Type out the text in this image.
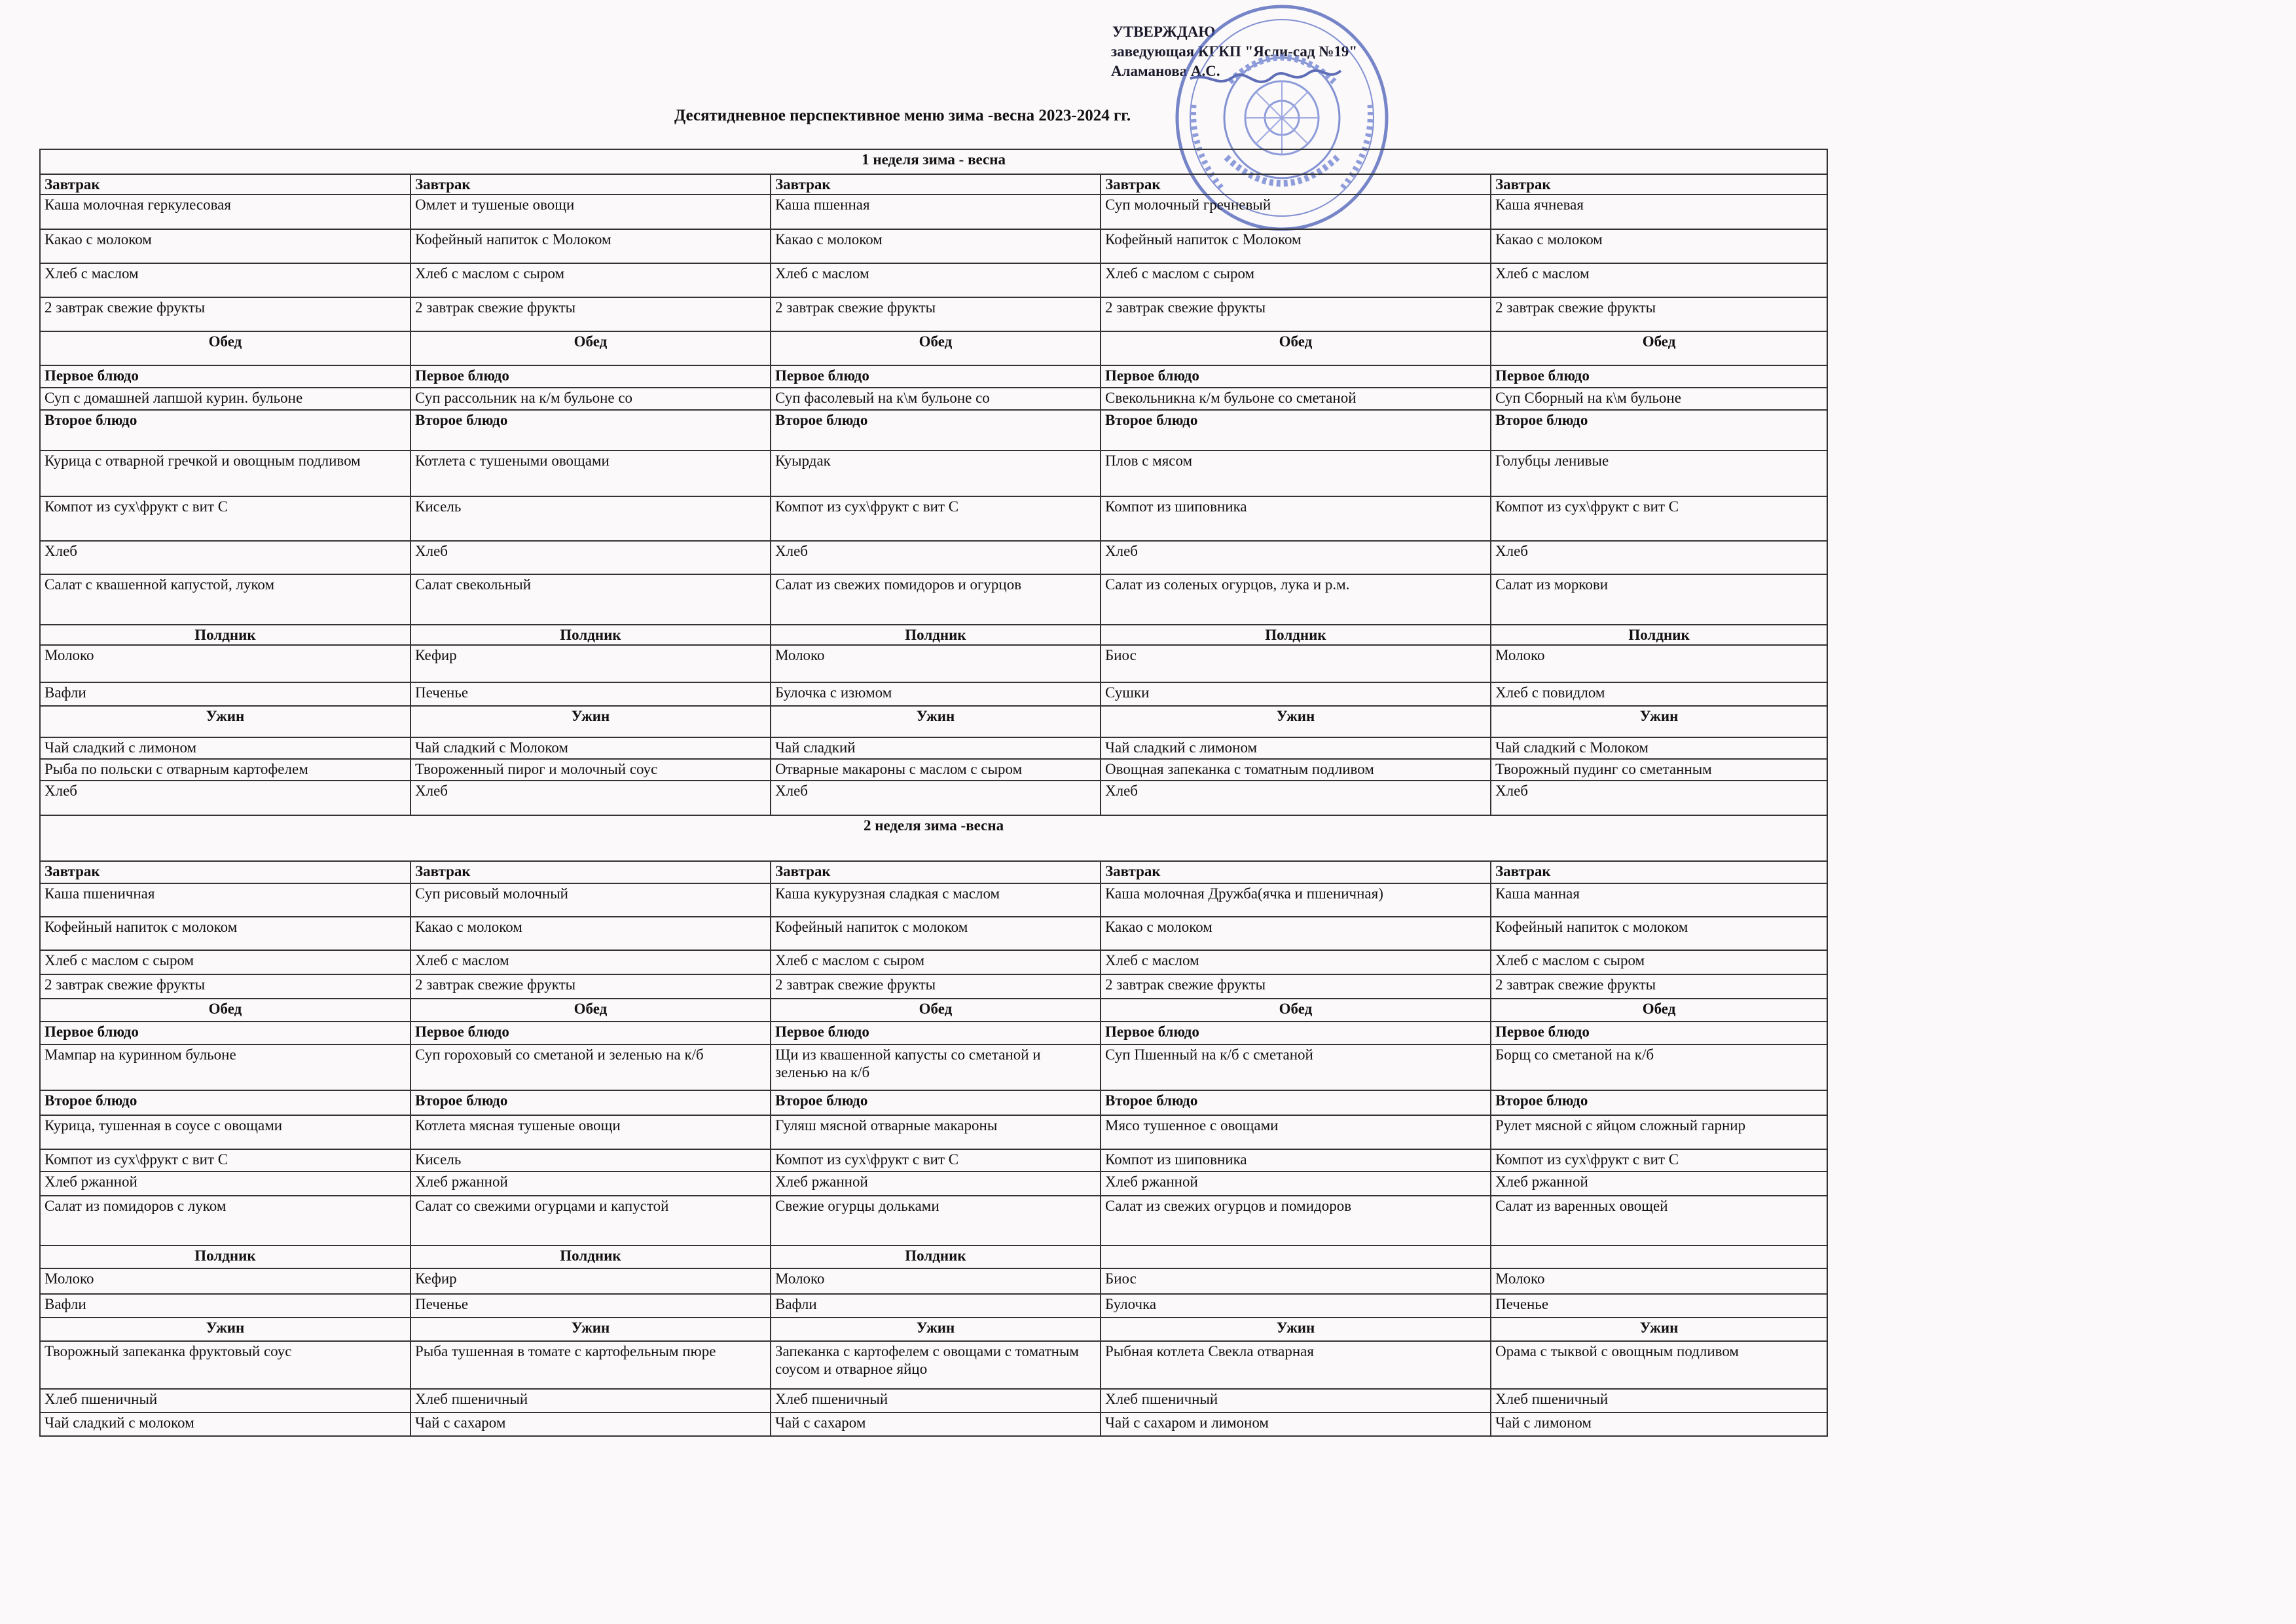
УТВЕРЖДАЮ
заведующая КГКП "Ясли-сад №19"
Аламанова А.С.
Десятидневное перспективное меню зима -весна 2023-2024 гг.
1 неделя зима - весна				
Завтрак	Завтрак	Завтрак	Завтрак	Завтрак
Каша молочная геркулесовая	Омлет и тушеные овощи	Каша пшенная	Суп молочный гречневый	Каша ячневая
Какао с молоком	Кофейный напиток с Молоком	Какао с молоком	Кофейный напиток с Молоком	Какао с молоком
Хлеб с маслом	Хлеб с маслом с сыром	Хлеб с маслом	Хлеб с маслом с сыром	Хлеб с маслом
2 завтрак свежие фрукты	2 завтрак свежие фрукты	2 завтрак свежие фрукты	2 завтрак свежие фрукты	2 завтрак свежие фрукты
Обед	Обед	Обед	Обед	Обед
Первое блюдо	Первое блюдо	Первое блюдо	Первое блюдо	Первое блюдо
Суп с домашней лапшой курин. бульоне	Суп рассольник на к/м бульоне со	Суп фасолевый на к\м бульоне со	Свекольникна к/м бульоне со сметаной	Суп Сборный на к\м бульоне
Второе блюдо	Второе блюдо	Второе блюдо	Второе блюдо	Второе блюдо
Курица с отварной гречкой и овощным подливом	Котлета с тушеными овощами	Куырдак	Плов с мясом	Голубцы ленивые
Компот из сух\фрукт с вит С	Кисель	Компот из сух\фрукт с вит С	Компот из шиповника	Компот из сух\фрукт с вит С
Хлеб	Хлеб	Хлеб	Хлеб	Хлеб
Салат с квашенной капустой, луком	Салат свекольный	Салат из свежих помидоров и огурцов	Салат из соленых огурцов, лука и р.м.	Салат из моркови
Полдник	Полдник	Полдник	Полдник	Полдник
Молоко	Кефир	Молоко	Биос	Молоко
Вафли	Печенье	Булочка с изюмом	Сушки	Хлеб с повидлом
Ужин	Ужин	Ужин	Ужин	Ужин
Чай сладкий с лимоном	Чай сладкий с Молоком	Чай сладкий	Чай сладкий с лимоном	Чай сладкий с Молоком
Рыба по польски с отварным картофелем	Твороженный пирог и молочный соус	Отварные макароны с маслом с сыром	Овощная запеканка с томатным подливом	Творожный пудинг со сметанным
Хлеб	Хлеб	Хлеб	Хлеб	Хлеб
2 неделя зима -весна				
Завтрак	Завтрак	Завтрак	Завтрак	Завтрак
Каша пшеничная	Суп рисовый молочный	Каша кукурузная сладкая с маслом	Каша молочная Дружба(ячка и пшеничная)	Каша манная
Кофейный напиток с молоком	Какао с молоком	Кофейный напиток с молоком	Какао с молоком	Кофейный напиток с молоком
Хлеб с маслом с сыром	Хлеб с маслом	Хлеб с маслом с сыром	Хлеб с маслом	Хлеб с маслом с сыром
2 завтрак свежие фрукты	2 завтрак свежие фрукты	2 завтрак свежие фрукты	2 завтрак свежие фрукты	2 завтрак свежие фрукты
Обед	Обед	Обед	Обед	Обед
Первое блюдо	Первое блюдо	Первое блюдо	Первое блюдо	Первое блюдо
Мампар на куринном бульоне	Суп гороховый со сметаной и зеленью на к/б	Щи из квашенной капусты со сметаной и зеленью на к/б	Суп Пшенный на к/б с сметаной	Борщ со сметаной на к/б
Второе блюдо	Второе блюдо	Второе блюдо	Второе блюдо	Второе блюдо
Курица, тушенная в соусе с овощами	Котлета мясная тушеные овощи	Гуляш мясной отварные макароны	Мясо тушенное с овощами	Рулет мясной с яйцом сложный гарнир
Компот из сух\фрукт с вит С	Кисель	Компот из сух\фрукт с вит С	Компот из шиповника	Компот из сух\фрукт с вит С
Хлеб ржанной	Хлеб ржанной	Хлеб ржанной	Хлеб ржанной	Хлеб ржанной
Салат из помидоров с луком	Салат со свежими огурцами и капустой	Свежие огурцы дольками	Салат из свежих огурцов и помидоров	Салат из варенных овощей
Полдник	Полдник	Полдник		
Молоко	Кефир	Молоко	Биос	Молоко
Вафли	Печенье	Вафли	Булочка	Печенье
Ужин	Ужин	Ужин	Ужин	Ужин
Творожный запеканка фруктовый соус	Рыба тушенная в томате с картофельным пюре	Запеканка с картофелем с овощами с томатным соусом и отварное яйцо	Рыбная котлета Свекла отварная	Орама с тыквой с овощным подливом
Хлеб пшеничный	Хлеб пшеничный	Хлеб пшеничный	Хлеб пшеничный	Хлеб пшеничный
Чай сладкий с молоком	Чай с сахаром	Чай с сахаром	Чай с сахаром и лимоном	Чай с лимоном
